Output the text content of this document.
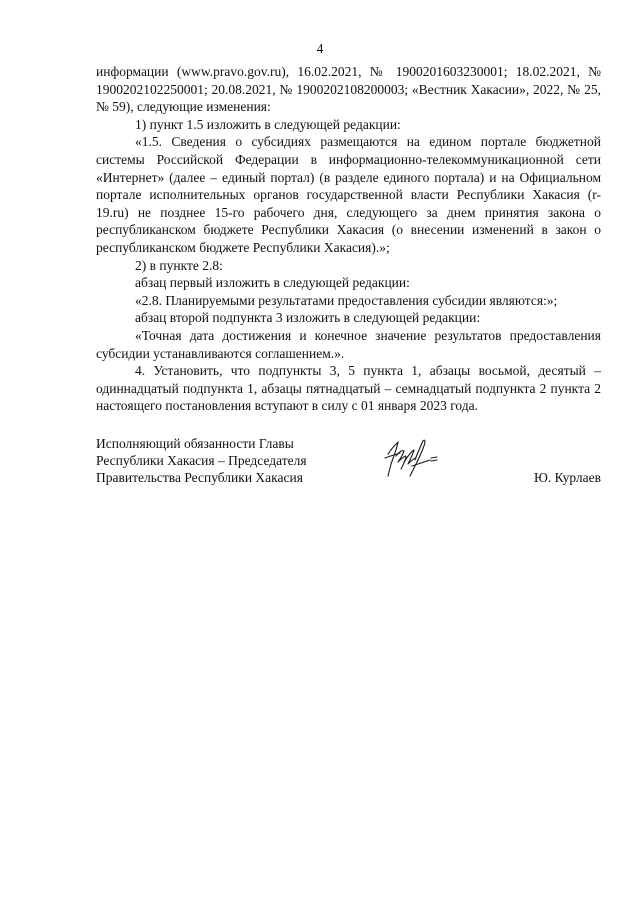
4

информации (www.pravo.gov.ru), 16.02.2021, № 1900201603230001; 18.02.2021, № 1900202102250001; 20.08.2021, № 1900202108200003; «Вестник Хакасии», 2022, № 25, № 59), следующие изменения:

1) пункт 1.5 изложить в следующей редакции:

«1.5. Сведения о субсидиях размещаются на едином портале бюджетной системы Российской Федерации в информационно-телекоммуникационной сети «Интернет» (далее – единый портал) (в разделе единого портала) и на Официальном портале исполнительных органов государственной власти Республики Хакасия (r-19.ru) не позднее 15-го рабочего дня, следующего за днем принятия закона о республиканском бюджете Республики Хакасия (о внесении изменений в закон о республиканском бюджете Республики Хакасия).»;

2) в пункте 2.8:

абзац первый изложить в следующей редакции:

«2.8. Планируемыми результатами предоставления субсидии являются:»;

абзац второй подпункта 3 изложить в следующей редакции:

«Точная дата достижения и конечное значение результатов предоставления субсидии устанавливаются соглашением.».

4. Установить, что подпункты 3, 5 пункта 1, абзацы восьмой, десятый – одиннадцатый подпункта 1, абзацы пятнадцатый – семнадцатый подпункта 2 пункта 2 настоящего постановления вступают в силу с 01 января 2023 года.

Исполняющий обязанности Главы
Республики Хакасия – Председателя
Правительства Республики Хакасия	Ю. Курлаев
